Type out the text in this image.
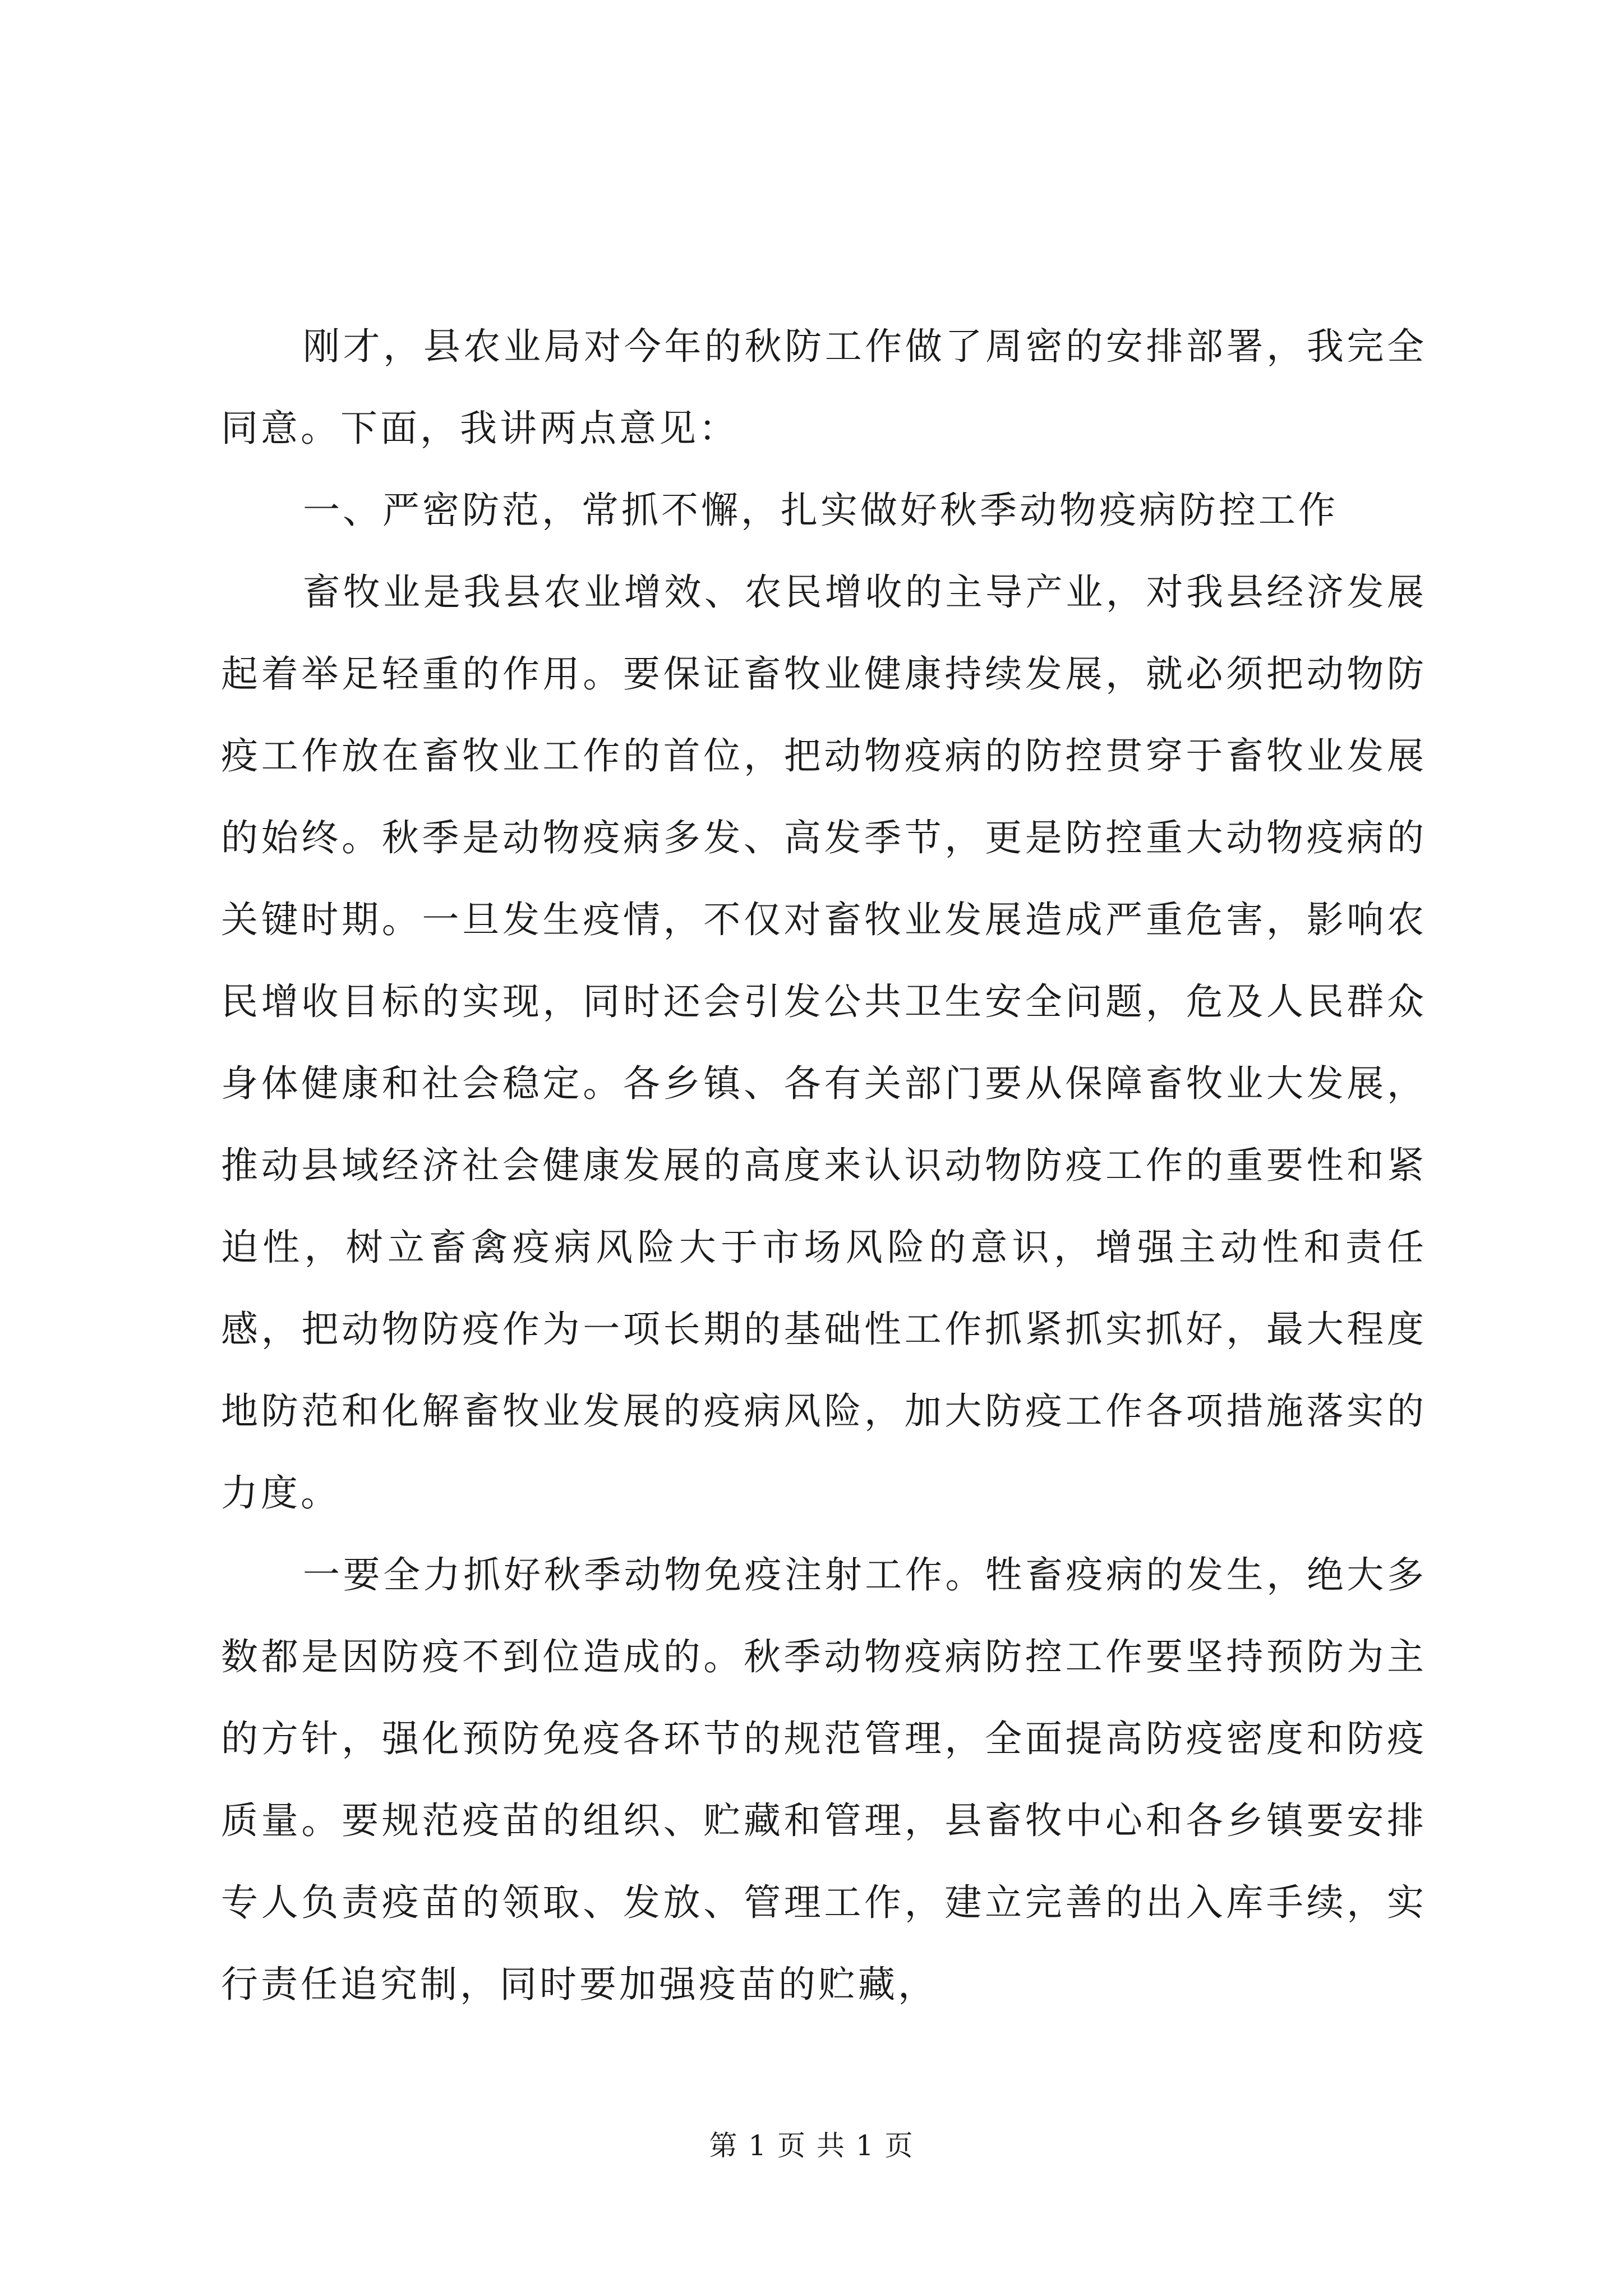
刚才，县农业局对今年的秋防工作做了周密的安排部署，我完全同意。下面，我讲两点意见：

一、严密防范，常抓不懈，扎实做好秋季动物疫病防控工作

畜牧业是我县农业增效、农民增收的主导产业，对我县经济发展起着举足轻重的作用。要保证畜牧业健康持续发展，就必须把动物防疫工作放在畜牧业工作的首位，把动物疫病的防控贯穿于畜牧业发展的始终。秋季是动物疫病多发、高发季节，更是防控重大动物疫病的关键时期。一旦发生疫情，不仅对畜牧业发展造成严重危害，影响农民增收目标的实现，同时还会引发公共卫生安全问题，危及人民群众身体健康和社会稳定。各乡镇、各有关部门要从保障畜牧业大发展，推动县域经济社会健康发展的高度来认识动物防疫工作的重要性和紧迫性，树立畜禽疫病风险大于市场风险的意识，增强主动性和责任感，把动物防疫作为一项长期的基础性工作抓紧抓实抓好，最大程度地防范和化解畜牧业发展的疫病风险，加大防疫工作各项措施落实的力度。

一要全力抓好秋季动物免疫注射工作。牲畜疫病的发生，绝大多数都是因防疫不到位造成的。秋季动物疫病防控工作要坚持预防为主的方针，强化预防免疫各环节的规范管理，全面提高防疫密度和防疫质量。要规范疫苗的组织、贮藏和管理，县畜牧中心和各乡镇要安排专人负责疫苗的领取、发放、管理工作，建立完善的出入库手续，实行责任追究制，同时要加强疫苗的贮藏，

第 1 页 共 1 页
